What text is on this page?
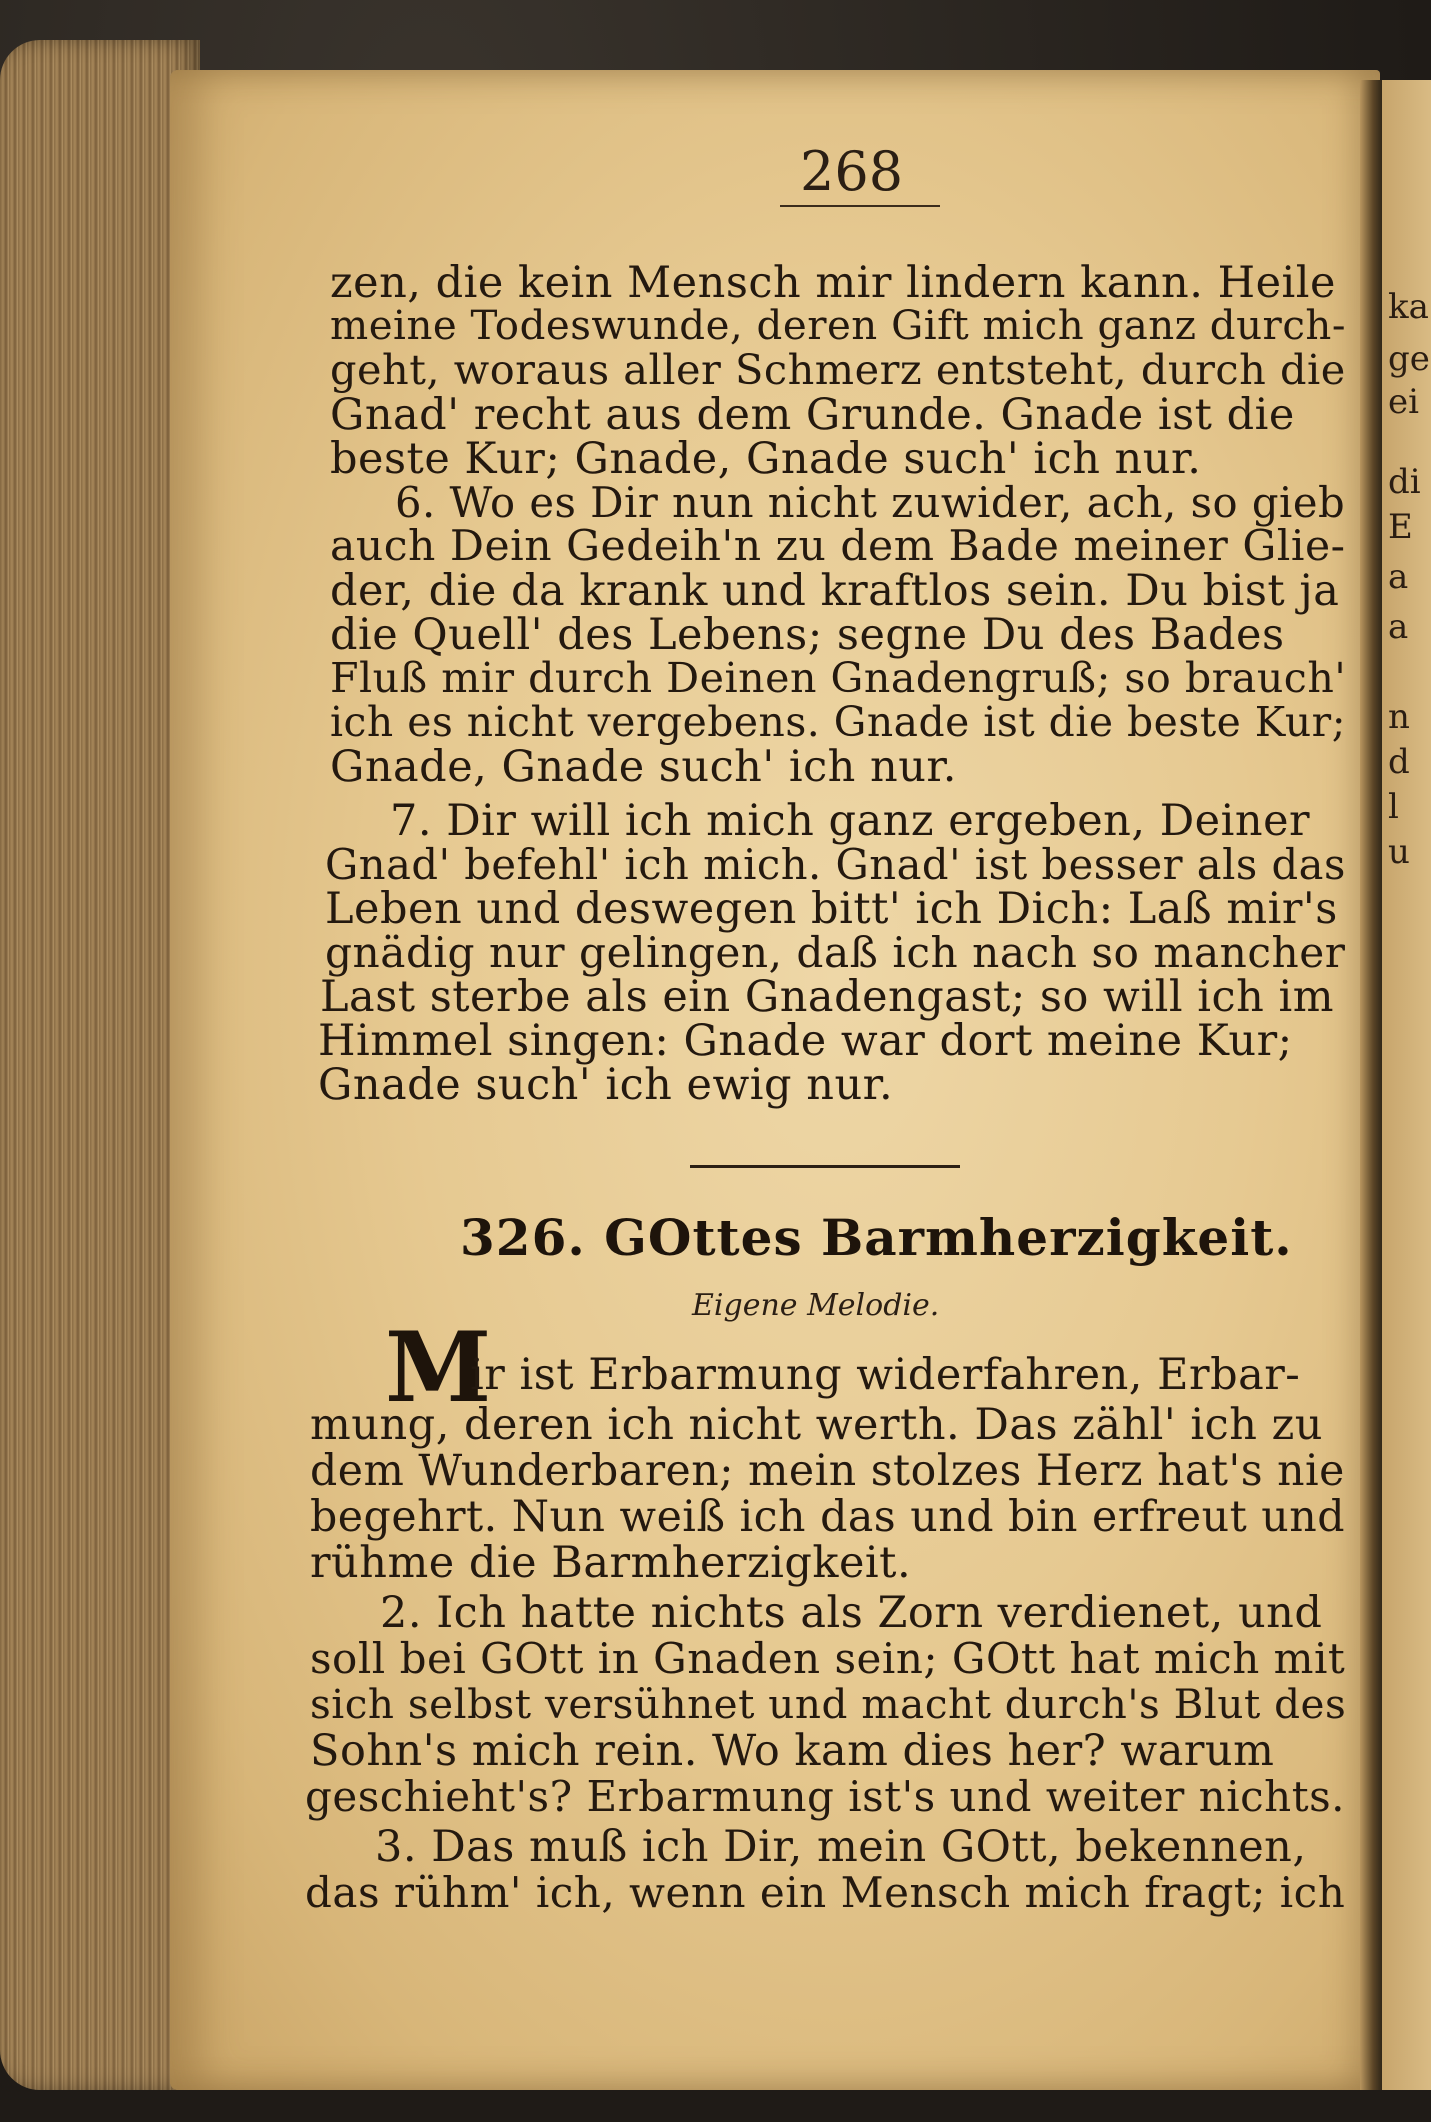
ka
ge
ei
di
E
a
a
n
d
l
u
268
zen, die kein Mensch mir lindern kann. Heile
meine Todeswunde, deren Gift mich ganz durch-
geht, woraus aller Schmerz entsteht, durch die
Gnad' recht aus dem Grunde. Gnade ist die
beste Kur; Gnade, Gnade such' ich nur.
6. Wo es Dir nun nicht zuwider, ach, so gieb
auch Dein Gedeih'n zu dem Bade meiner Glie-
der, die da krank und kraftlos sein. Du bist ja
die Quell' des Lebens; segne Du des Bades
Fluß mir durch Deinen Gnadengruß; so brauch'
ich es nicht vergebens. Gnade ist die beste Kur;
Gnade, Gnade such' ich nur.
7. Dir will ich mich ganz ergeben, Deiner
Gnad' befehl' ich mich. Gnad' ist besser als das
Leben und deswegen bitt' ich Dich: Laß mir's
gnädig nur gelingen, daß ich nach so mancher
Last sterbe als ein Gnadengast; so will ich im
Himmel singen: Gnade war dort meine Kur;
Gnade such' ich ewig nur.
326. GOttes Barmherzigkeit.
Eigene Melodie.
M
ir ist Erbarmung widerfahren, Erbar-
mung, deren ich nicht werth. Das zähl' ich zu
dem Wunderbaren; mein stolzes Herz hat's nie
begehrt. Nun weiß ich das und bin erfreut und
rühme die Barmherzigkeit.
2. Ich hatte nichts als Zorn verdienet, und
soll bei GOtt in Gnaden sein; GOtt hat mich mit
sich selbst versühnet und macht durch's Blut des
Sohn's mich rein. Wo kam dies her? warum
geschieht's? Erbarmung ist's und weiter nichts.
3. Das muß ich Dir, mein GOtt, bekennen,
das rühm' ich, wenn ein Mensch mich fragt; ich
